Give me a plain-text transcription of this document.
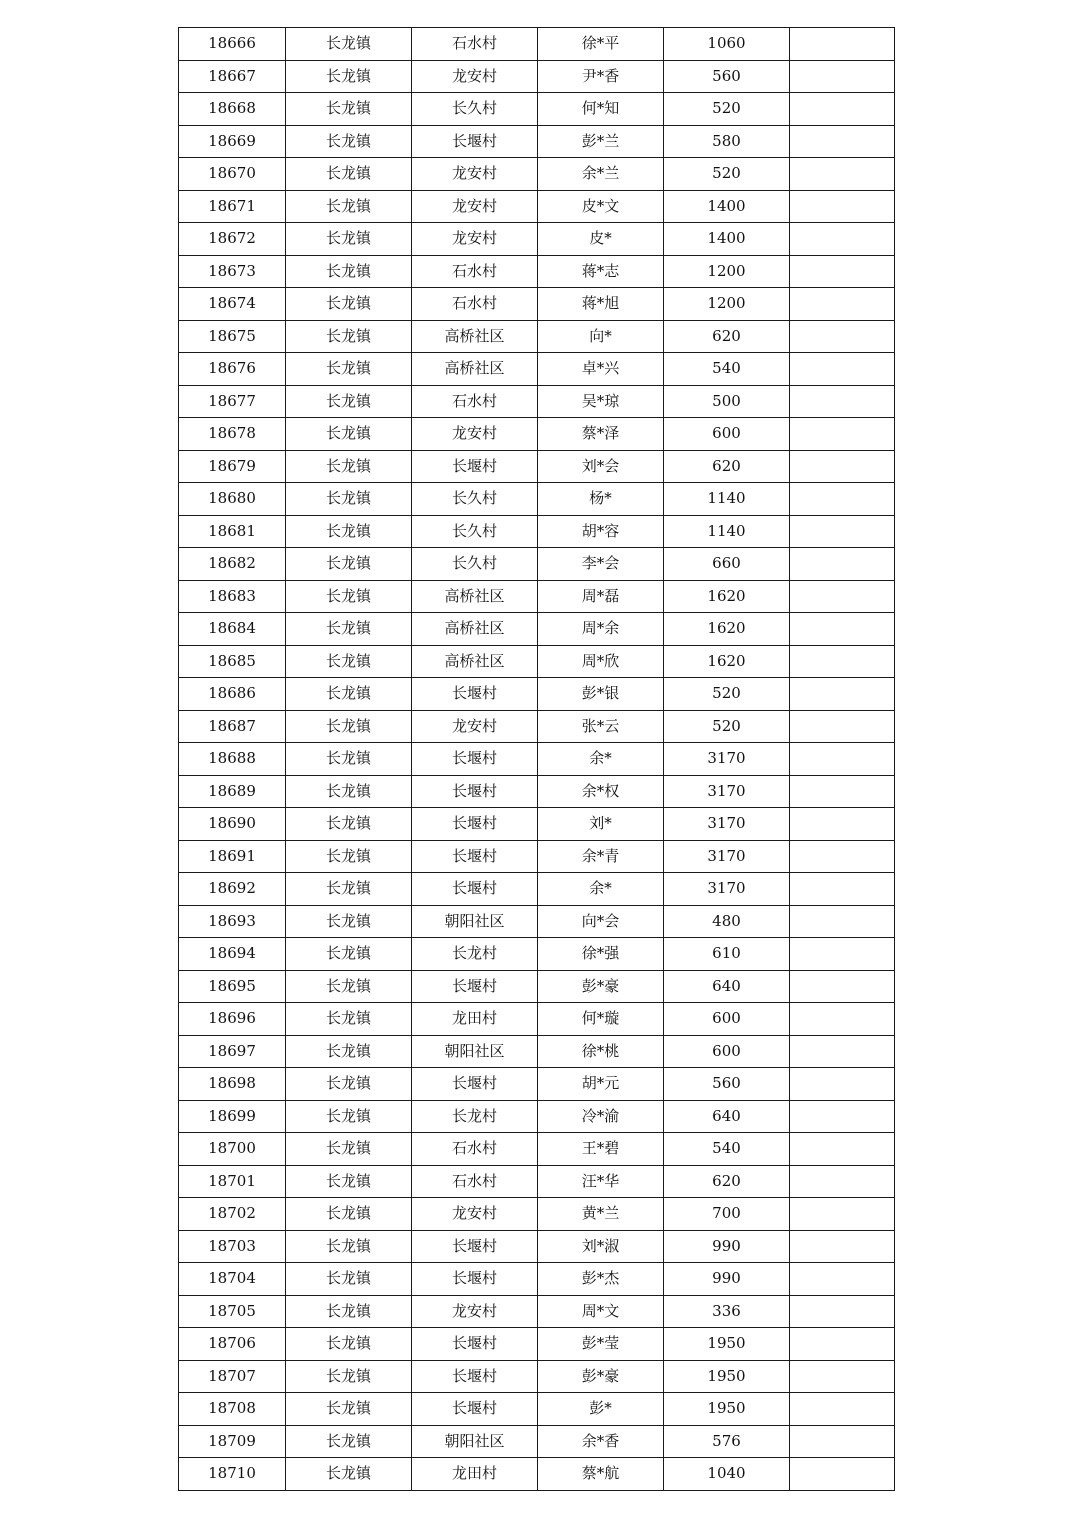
18666	长龙镇	石水村	徐*平	1060	
18667	长龙镇	龙安村	尹*香	560	
18668	长龙镇	长久村	何*知	520	
18669	长龙镇	长堰村	彭*兰	580	
18670	长龙镇	龙安村	余*兰	520	
18671	长龙镇	龙安村	皮*文	1400	
18672	长龙镇	龙安村	皮*	1400	
18673	长龙镇	石水村	蒋*志	1200	
18674	长龙镇	石水村	蒋*旭	1200	
18675	长龙镇	高桥社区	向*	620	
18676	长龙镇	高桥社区	卓*兴	540	
18677	长龙镇	石水村	吴*琼	500	
18678	长龙镇	龙安村	蔡*泽	600	
18679	长龙镇	长堰村	刘*会	620	
18680	长龙镇	长久村	杨*	1140	
18681	长龙镇	长久村	胡*容	1140	
18682	长龙镇	长久村	李*会	660	
18683	长龙镇	高桥社区	周*磊	1620	
18684	长龙镇	高桥社区	周*余	1620	
18685	长龙镇	高桥社区	周*欣	1620	
18686	长龙镇	长堰村	彭*银	520	
18687	长龙镇	龙安村	张*云	520	
18688	长龙镇	长堰村	余*	3170	
18689	长龙镇	长堰村	余*权	3170	
18690	长龙镇	长堰村	刘*	3170	
18691	长龙镇	长堰村	余*青	3170	
18692	长龙镇	长堰村	余*	3170	
18693	长龙镇	朝阳社区	向*会	480	
18694	长龙镇	长龙村	徐*强	610	
18695	长龙镇	长堰村	彭*豪	640	
18696	长龙镇	龙田村	何*璇	600	
18697	长龙镇	朝阳社区	徐*桃	600	
18698	长龙镇	长堰村	胡*元	560	
18699	长龙镇	长龙村	冷*渝	640	
18700	长龙镇	石水村	王*碧	540	
18701	长龙镇	石水村	汪*华	620	
18702	长龙镇	龙安村	黄*兰	700	
18703	长龙镇	长堰村	刘*淑	990	
18704	长龙镇	长堰村	彭*杰	990	
18705	长龙镇	龙安村	周*文	336	
18706	长龙镇	长堰村	彭*莹	1950	
18707	长龙镇	长堰村	彭*豪	1950	
18708	长龙镇	长堰村	彭*	1950	
18709	长龙镇	朝阳社区	余*香	576	
18710	长龙镇	龙田村	蔡*航	1040	
